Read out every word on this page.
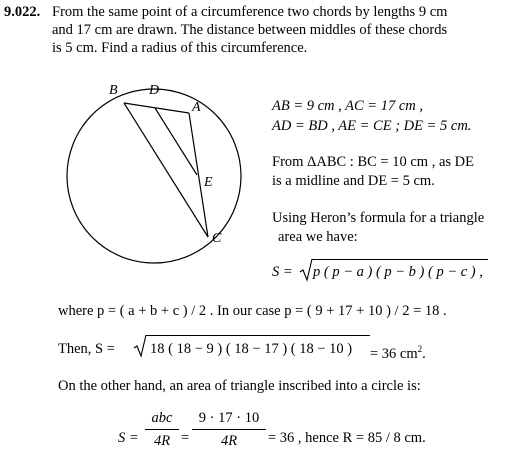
9.022. From the same point of a circumference two chords by lengths 9 cm
and 17 cm are drawn. The distance between middles of these chords
is 5 cm. Find a radius of this circumference.
B D
A
E
C
AB = 9 cm , AC = 17 cm ,
AD = BD , AE = CE ; DE = 5 cm.
From ΔABC : BC = 10 cm , as DE
is a midline and DE = 5 cm.
Using Heron’s formula for a triangle
area we have:
S = p ( p − a ) ( p − b ) ( p − c ) ,
where p = ( a + b + c ) / 2 . In our case p = ( 9 + 17 + 10 ) / 2 = 18 .
Then, S = 18 ( 18 − 9 ) ( 18 − 17 ) ( 18 − 10 ) = 36 $cm^2$.
On the other hand, an area of triangle inscribed into a circle is:
S =
abc
4R =
9 · 17 · 10
4R	= 36 , hence R = 85 / 8 cm.
